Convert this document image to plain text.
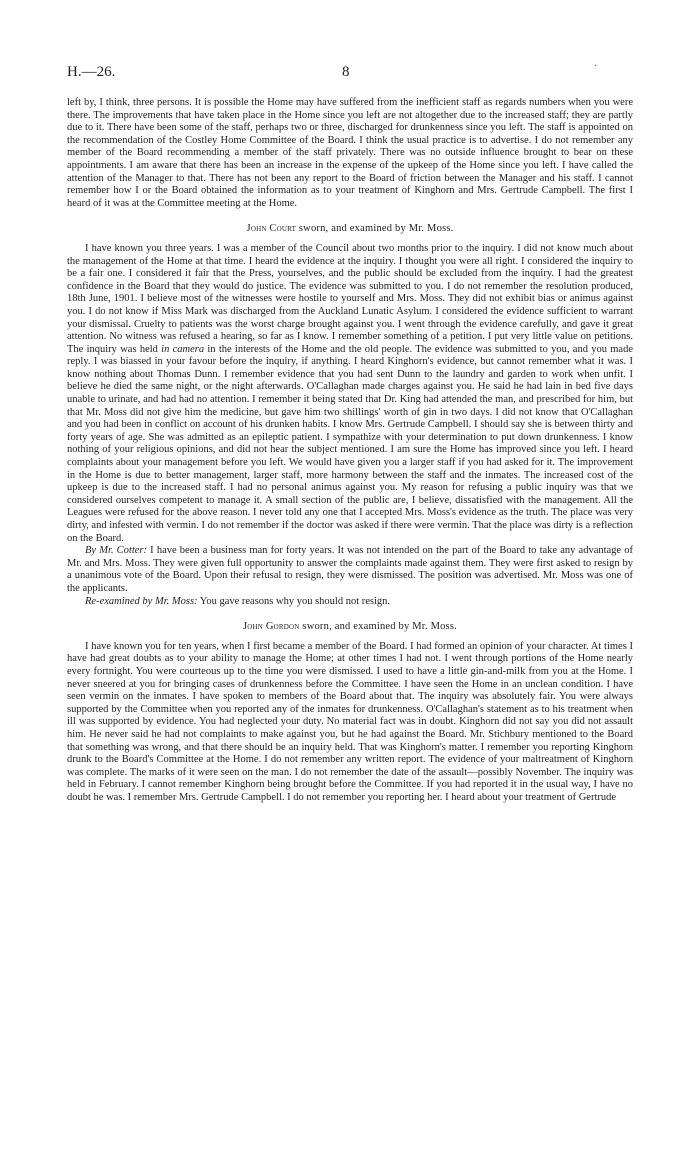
.
H.—26.	8

left by, I think, three persons. It is possible the Home may have suffered from the inefficient staff as regards numbers when you were there. The improvements that have taken place in the Home since you left are not altogether due to the increased staff; they are partly due to it. There have been some of the staff, perhaps two or three, discharged for drunkenness since you left. The staff is appointed on the recommendation of the Costley Home Committee of the Board. I think the usual practice is to advertise. I do not remember any member of the Board recommending a member of the staff privately. There was no outside influence brought to bear on these appointments. I am aware that there has been an increase in the expense of the upkeep of the Home since you left. I have called the attention of the Manager to that. There has not been any report to the Board of friction between the Manager and his staff. I cannot remember how I or the Board obtained the information as to your treatment of Kinghorn and Mrs. Gertrude Campbell. The first I heard of it was at the Committee meeting at the Home.

John Court sworn, and examined by Mr. Moss.

I have known you three years. I was a member of the Council about two months prior to the inquiry. I did not know much about the management of the Home at that time. I heard the evidence at the inquiry. I thought you were all right. I considered the inquiry to be a fair one. I considered it fair that the Press, yourselves, and the public should be excluded from the inquiry. I had the greatest confidence in the Board that they would do justice. The evidence was submitted to you. I do not remember the resolution produced, 18th June, 1901. I believe most of the witnesses were hostile to yourself and Mrs. Moss. They did not exhibit bias or animus against you. I do not know if Miss Mark was discharged from the Auckland Lunatic Asylum. I considered the evidence sufficient to warrant your dismissal. Cruelty to patients was the worst charge brought against you. I went through the evidence carefully, and gave it great attention. No witness was refused a hearing, so far as I know. I remember something of a petition. I put very little value on petitions. The inquiry was held in camera in the interests of the Home and the old people. The evidence was submitted to you, and you made reply. I was biassed in your favour before the inquiry, if anything. I heard Kinghorn's evidence, but cannot remember what it was. I know nothing about Thomas Dunn. I remember evidence that you had sent Dunn to the laundry and garden to work when unfit. I believe he died the same night, or the night afterwards. O'Callaghan made charges against you. He said he had lain in bed five days unable to urinate, and had had no attention. I remember it being stated that Dr. King had attended the man, and prescribed for him, but that Mr. Moss did not give him the medicine, but gave him two shillings' worth of gin in two days. I did not know that O'Callaghan and you had been in conflict on account of his drunken habits. I know Mrs. Gertrude Campbell. I should say she is between thirty and forty years of age. She was admitted as an epileptic patient. I sympathize with your determination to put down drunkenness. I know nothing of your religious opinions, and did not hear the subject mentioned. I am sure the Home has improved since you left. I heard complaints about your management before you left. We would have given you a larger staff if you had asked for it. The improvement in the Home is due to better management, larger staff, more harmony between the staff and the inmates. The increased cost of the upkeep is due to the increased staff. I had no personal animus against you. My reason for refusing a public inquiry was that we considered ourselves competent to manage it. A small section of the public are, I believe, dissatisfied with the management. All the Leagues were refused for the above reason. I never told any one that I accepted Mrs. Moss's evidence as the truth. The place was very dirty, and infested with vermin. I do not remember if the doctor was asked if there were vermin. That the place was dirty is a reflection on the Board.

By Mr. Cotter: I have been a business man for forty years. It was not intended on the part of the Board to take any advantage of Mr. and Mrs. Moss. They were given full opportunity to answer the complaints made against them. They were first asked to resign by a unanimous vote of the Board. Upon their refusal to resign, they were dismissed. The position was advertised. Mr. Moss was one of the applicants.

Re-examined by Mr. Moss: You gave reasons why you should not resign.

John Gordon sworn, and examined by Mr. Moss.

I have known you for ten years, when I first became a member of the Board. I had formed an opinion of your character. At times I have had great doubts as to your ability to manage the Home; at other times I had not. I went through portions of the Home nearly every fortnight. You were courteous up to the time you were dismissed. I used to have a little gin-and-milk from you at the Home. I never sneered at you for bringing cases of drunkenness before the Committee. I have seen the Home in an unclean condition. I have seen vermin on the inmates. I have spoken to members of the Board about that. The inquiry was absolutely fair. You were always supported by the Committee when you reported any of the inmates for drunkenness. O'Callaghan's statement as to his treatment when ill was supported by evidence. You had neglected your duty. No material fact was in doubt. Kinghorn did not say you did not assault him. He never said he had not complaints to make against you, but he had against the Board. Mr. Stichbury mentioned to the Board that something was wrong, and that there should be an inquiry held. That was Kinghorn's matter. I remember you reporting Kinghorn drunk to the Board's Committee at the Home. I do not remember any written report. The evidence of your maltreatment of Kinghorn was complete. The marks of it were seen on the man. I do not remember the date of the assault—possibly November. The inquiry was held in February. I cannot remember Kinghorn being brought before the Committee. If you had reported it in the usual way, I have no doubt he was. I remember Mrs. Gertrude Campbell. I do not remember you reporting her. I heard about your treatment of Gertrude
